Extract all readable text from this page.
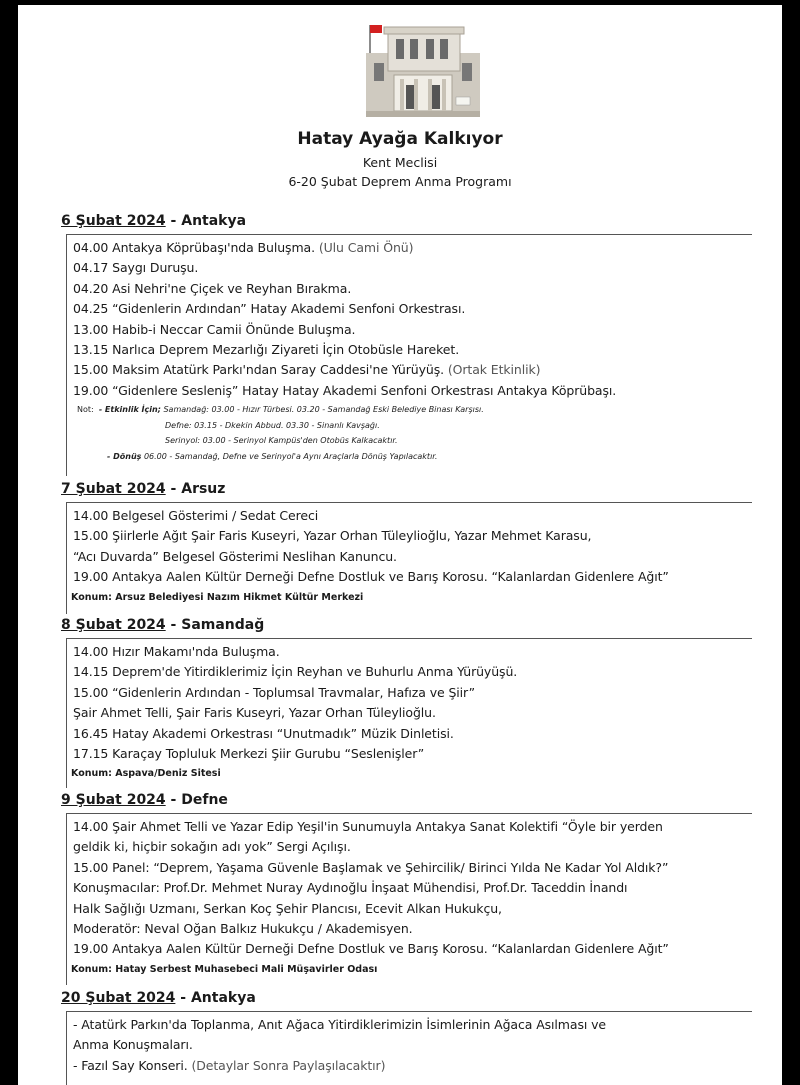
Hatay Ayağa Kalkıyor
Kent Meclisi
6-20 Şubat Deprem Anma Programı
6 Şubat 2024 - Antakya
04.00 Antakya Köprübaşı'nda Buluşma. (Ulu Cami Önü)
04.17 Saygı Duruşu.
04.20 Asi Nehri'ne Çiçek ve Reyhan Bırakma.
04.25 “Gidenlerin Ardından” Hatay Akademi Senfoni Orkestrası.
13.00 Habib-i Neccar Camii Önünde Buluşma.
13.15 Narlıca Deprem Mezarlığı Ziyareti İçin Otobüsle Hareket.
15.00 Maksim Atatürk Parkı'ndan Saray Caddesi'ne Yürüyüş. (Ortak Etkinlik)
19.00 “Gidenlere Sesleniş” Hatay Hatay Akademi Senfoni Orkestrası Antakya Köprübaşı.
Not: - Etkinlik İçin; Samandağ: 03.00 - Hızır Türbesi. 03.20 - Samandağ Eski Belediye Binası Karşısı.
Defne: 03.15 - Dkekin Abbud. 03.30 - Sinanlı Kavşağı.
Serinyol: 03.00 - Serinyol Kampüs'den Otobüs Kalkacaktır.
- Dönüş 06.00 - Samandağ, Defne ve Serinyol'a Aynı Araçlarla Dönüş Yapılacaktır.
7 Şubat 2024 - Arsuz
14.00 Belgesel Gösterimi / Sedat Cereci
15.00 Şiirlerle Ağıt Şair Faris Kuseyri, Yazar Orhan Tüleylioğlu, Yazar Mehmet Karasu,
“Acı Duvarda” Belgesel Gösterimi Neslihan Kanuncu.
19.00 Antakya Aalen Kültür Derneği Defne Dostluk ve Barış Korosu. “Kalanlardan Gidenlere Ağıt”
Konum: Arsuz Belediyesi Nazım Hikmet Kültür Merkezi
8 Şubat 2024 - Samandağ
14.00 Hızır Makamı'nda Buluşma.
14.15 Deprem'de Yitirdiklerimiz İçin Reyhan ve Buhurlu Anma Yürüyüşü.
15.00 “Gidenlerin Ardından - Toplumsal Travmalar, Hafıza ve Şiir”
Şair Ahmet Telli, Şair Faris Kuseyri, Yazar Orhan Tüleylioğlu.
16.45 Hatay Akademi Orkestrası “Unutmadık” Müzik Dinletisi.
17.15 Karaçay Topluluk Merkezi Şiir Gurubu “Seslenişler”
Konum: Aspava/Deniz Sitesi
9 Şubat 2024 - Defne
14.00 Şair Ahmet Telli ve Yazar Edip Yeşil'in Sunumuyla Antakya Sanat Kolektifi “Öyle bir yerden
geldik ki, hiçbir sokağın adı yok” Sergi Açılışı.
15.00 Panel: “Deprem, Yaşama Güvenle Başlamak ve Şehircilik/ Birinci Yılda Ne Kadar Yol Aldık?”
Konuşmacılar: Prof.Dr. Mehmet Nuray Aydınoğlu İnşaat Mühendisi, Prof.Dr. Taceddin İnandı
Halk Sağlığı Uzmanı, Serkan Koç Şehir Plancısı, Ecevit Alkan Hukukçu,
Moderatör: Neval Oğan Balkız Hukukçu / Akademisyen.
19.00 Antakya Aalen Kültür Derneği Defne Dostluk ve Barış Korosu. “Kalanlardan Gidenlere Ağıt”
Konum: Hatay Serbest Muhasebeci Mali Müşavirler Odası
20 Şubat 2024 - Antakya
- Atatürk Parkın'da Toplanma, Anıt Ağaca Yitirdiklerimizin İsimlerinin Ağaca Asılması ve
Anma Konuşmaları.
- Fazıl Say Konseri. (Detaylar Sonra Paylaşılacaktır)
